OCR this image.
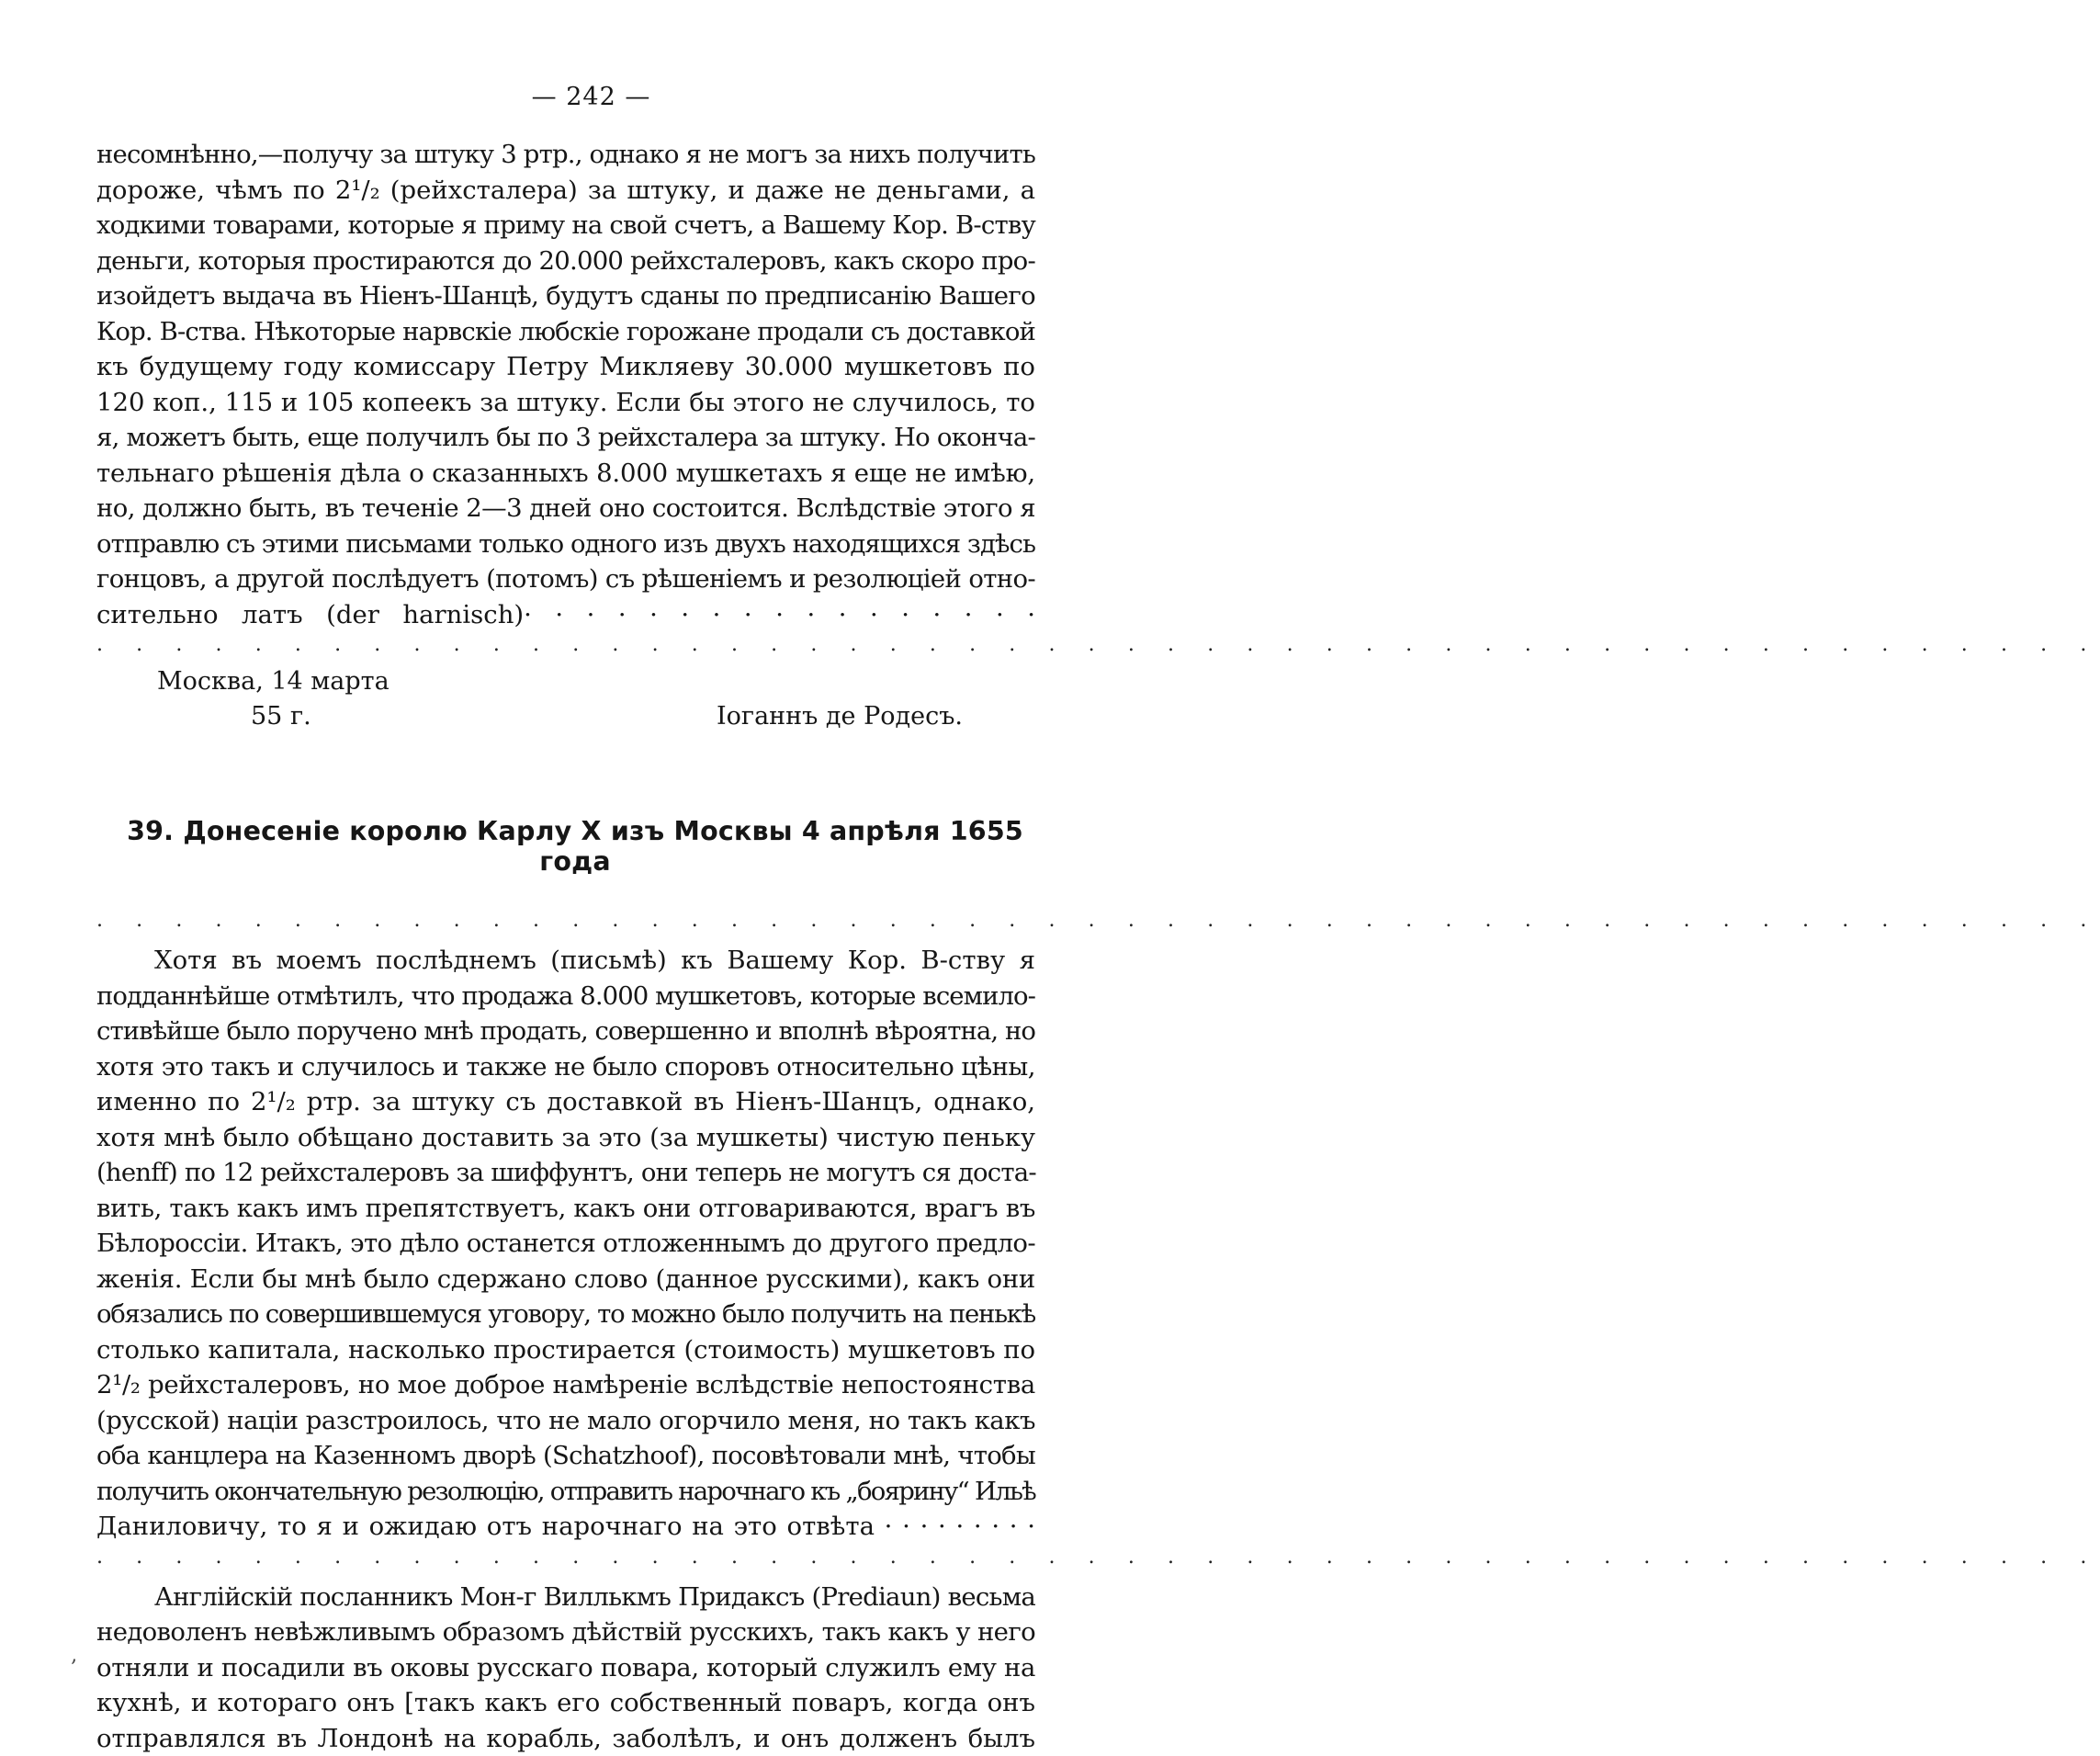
— 242 —
несомнѣнно,—получу за штуку 3 ртр., однако я не могъ за нихъ получить
дороже, чѣмъ по 2¹/₂ (рейхсталера) за штуку, и даже не деньгами, а
ходкими товарами, которые я приму на свой счетъ, а Вашему Кор. В-ству
деньги, которыя простираются до 20.000 рейхсталеровъ, какъ скоро про-
изойдетъ выдача въ Нiенъ-Шанцѣ, будутъ сданы по предписанiю Вашего
Кор. В-ства. Нѣкоторые нарвскiе любскiе горожане продали съ доставкой
къ будущему году комиссару Петру Микляеву 30.000 мушкетовъ по
120 коп., 115 и 105 копеекъ за штуку. Если бы этого не случилось, то
я, можетъ быть, еще получилъ бы по 3 рейхсталера за штуку. Но оконча-
тельнаго рѣшенiя дѣла о сказанныхъ 8.000 мушкетахъ я еще не имѣю,
но, должно быть, въ теченiе 2—3 дней оно состоится. Вслѣдствiе этого я
отправлю съ этими письмами только одного изъ двухъ находящихся здѣсь
гонцовъ, а другой послѣдуетъ (потомъ) съ рѣшенiемъ и резолюцiей отно-
сительно латъ (der harnisch)· · · · · · · · · · · · · · · · ·
. . . . . . . . . . . . . . . . . . . . . . . . . . . . . . . . . . . . . . . . . . . . . . . . . . .
Москва, 14 марта
55 г.	Iоганнъ де Родесъ.
39. Донесенiе королю Карлу X изъ Москвы 4 апрѣля 1655 года
. . . . . . . . . . . . . . . . . . . . . . . . . . . . . . . . . . . . . . . . . . . . . . . . . . .
Хотя въ моемъ послѣднемъ (письмѣ) къ Вашему Кор. В-ству я
подданнѣйше отмѣтилъ, что продажа 8.000 мушкетовъ, которые всемило-
стивѣйше было поручено мнѣ продать, совершенно и вполнѣ вѣроятна, но
хотя это такъ и случилось и также не было споровъ относительно цѣны,
именно по 2¹/₂ ртр. за штуку съ доставкой въ Нiенъ-Шанцъ, однако,
хотя мнѣ было обѣщано доставить за это (за мушкеты) чистую пеньку
(henff) по 12 рейхсталеровъ за шиффунтъ, они теперь не могутъ ся доста-
вить, такъ какъ имъ препятствуетъ, какъ они отговариваются, врагъ въ
Бѣлороссiи. Итакъ, это дѣло останется отложеннымъ до другого предло-
женiя. Если бы мнѣ было сдержано слово (данное русскими), какъ они
обязались по совершившемуся уговору, то можно было получить на пенькѣ
столько капитала, насколько простирается (стоимость) мушкетовъ по
2¹/₂ рейхсталеровъ, но мое доброе намѣренiе вслѣдствiе непостоянства
(русской) нацiи разстроилось, что не мало огорчило меня, но такъ какъ
оба канцлера на Казенномъ дворѣ (Schatzhoof), посовѣтовали мнѣ, чтобы
получить окончательную резолюцiю, отправить нарочнаго къ „боярину“ Ильѣ
Даниловичу, то я и ожидаю отъ нарочнаго на это отвѣта · · · · · · · · ·
. . . . . . . . . . . . . . . . . . . . . . . . . . . . . . . . . . . . . . . . . . . . . . . . . . .
Англiйскiй посланникъ Мон-г Виллькмъ Придаксъ (Prediaun) весьма
недоволенъ невѣжливымъ образомъ дѣйствiй русскихъ, такъ какъ у него
отняли и посадили въ оковы русскаго повара, который служилъ ему на
кухнѣ, и котораго онъ [такъ какъ его собственный поваръ, когда онъ
отправлялся въ Лондонѣ на корабль, заболѣлъ, и онъ долженъ былъ
‚
